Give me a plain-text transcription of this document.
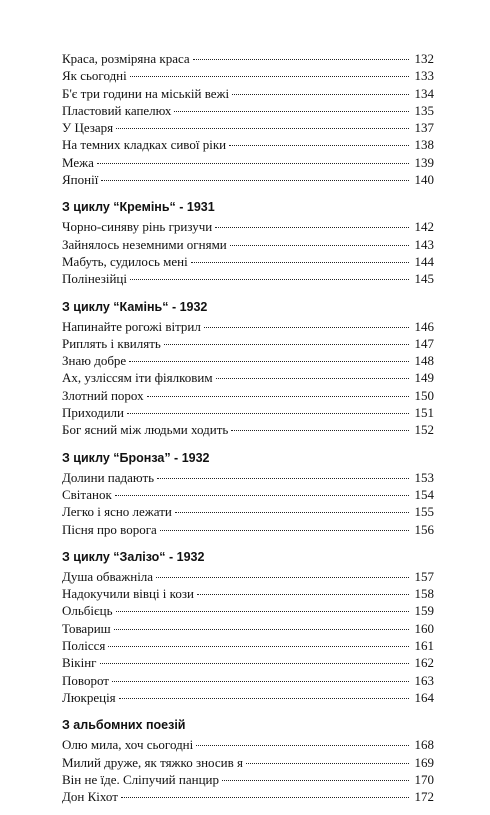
Краса, розміряна краса	132
Як сьогодні	133
Б'є три години на міській вежі	134
Пластовий капелюх	135
У Цезаря	137
На темних кладках сивої ріки	138
Межа	139
Японії	140
З циклу “Кремінь“ - 1931
Чорно-синяву рінь гризучи	142
Зайнялось неземними огнями	143
Мабуть, судилось мені	144
Полінезійці	145
З циклу “Камінь“ - 1932
Напинайте рогожі вітрил	146
Риплять і квилять	147
Знаю добре	148
Ах, узліссям іти фіялковим	149
Злотний порох	150
Приходили	151
Бог ясний між людьми ходить	152
З циклу “Бронза” - 1932
Долини падають	153
Світанок	154
Легко і ясно лежати	155
Пісня про ворога	156
З циклу “Залізо“ - 1932
Душа обважніла	157
Надокучили вівці і кози	158
Ольбієць	159
Товариш	160
Полісся	161
Вікінг	162
Поворот	163
Люкреція	164
З альбомних поезій
Олю мила, хоч сьогодні	168
Милий друже, як тяжко зносив я	169
Він не їде. Сліпучий панцир	170
Дон Кіхот	172
